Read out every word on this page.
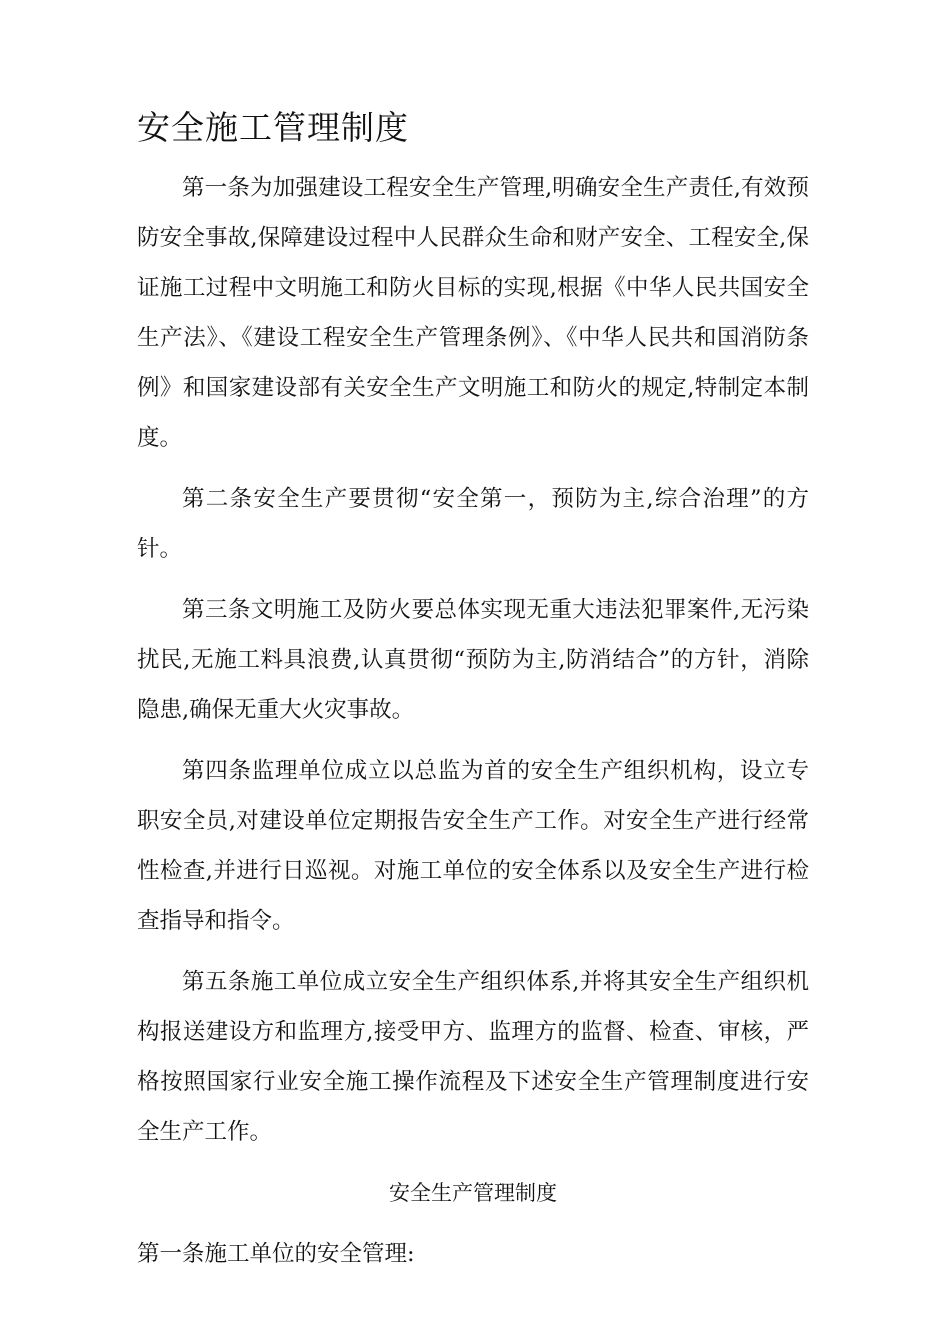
安全施工管理制度

第一条为加强建设工程安全生产管理,明确安全生产责任,有效预防安全事故,保障建设过程中人民群众生命和财产安全、工程安全,保证施工过程中文明施工和防火目标的实现,根据《中华人民共国安全生产法》、《建设工程安全生产管理条例》、《中华人民共和国消防条例》和国家建设部有关安全生产文明施工和防火的规定,特制定本制度。

第二条安全生产要贯彻“安全第一，预防为主,综合治理”的方针。

第三条文明施工及防火要总体实现无重大违法犯罪案件,无污染扰民,无施工料具浪费,认真贯彻“预防为主,防消结合”的方针，消除隐患,确保无重大火灾事故。

第四条监理单位成立以总监为首的安全生产组织机构，设立专职安全员,对建设单位定期报告安全生产工作。对安全生产进行经常性检查,并进行日巡视。对施工单位的安全体系以及安全生产进行检查指导和指令。

第五条施工单位成立安全生产组织体系,并将其安全生产组织机构报送建设方和监理方,接受甲方、监理方的监督、检查、审核，严格按照国家行业安全施工操作流程及下述安全生产管理制度进行安全生产工作。

安全生产管理制度
第一条施工单位的安全管理:
